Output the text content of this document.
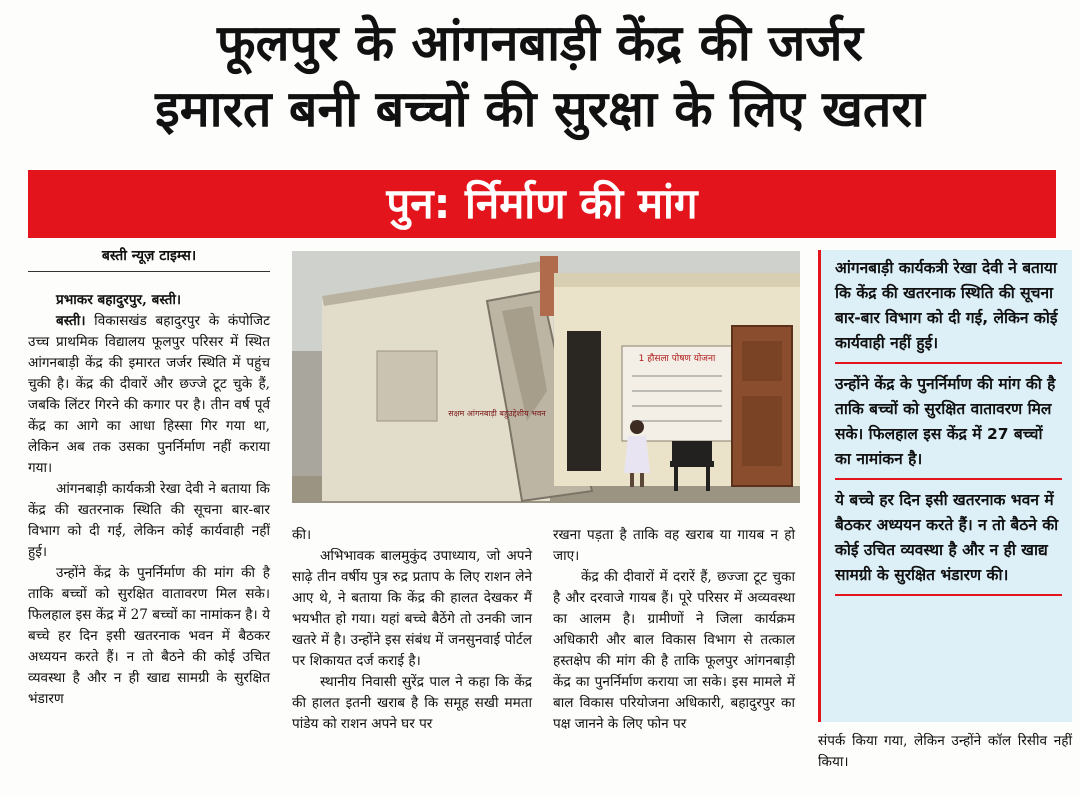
फूलपुर के आंगनबाड़ी केंद्र की जर्जर
इमारत बनी बच्चों की सुरक्षा के लिए खतरा
पुन: र्निर्माण की मांग
बस्ती न्यूज़ टाइम्स।

प्रभाकर बहादुरपुर, बस्ती।

बस्ती। विकासखंड बहादुरपुर के कंपोजिट उच्च प्राथमिक विद्यालय फूलपुर परिसर में स्थित आंगनबाड़ी केंद्र की इमारत जर्जर स्थिति में पहुंच चुकी है। केंद्र की दीवारें और छज्जे टूट चुके हैं, जबकि लिंटर गिरने की कगार पर है। तीन वर्ष पूर्व केंद्र का आगे का आधा हिस्सा गिर गया था, लेकिन अब तक उसका पुनर्निर्माण नहीं कराया गया।

आंगनबाड़ी कार्यकत्री रेखा देवी ने बताया कि केंद्र की खतरनाक स्थिति की सूचना बार-बार विभाग को दी गई, लेकिन कोई कार्यवाही नहीं हुई।

उन्होंने केंद्र के पुनर्निर्माण की मांग की है ताकि बच्चों को सुरक्षित वातावरण मिल सके। फिलहाल इस केंद्र में 27 बच्चों का नामांकन है। ये बच्चे हर दिन इसी खतरनाक भवन में बैठकर अध्ययन करते हैं। न तो बैठने की कोई उचित व्यवस्था है और न ही खाद्य सामग्री के सुरक्षित भंडारण

1 हौसला पोषण योजना
सक्षम आंगनबाड़ी बहुउद्देशीय भवन

की।

अभिभावक बालमुकुंद उपाध्याय, जो अपने साढ़े तीन वर्षीय पुत्र रुद्र प्रताप के लिए राशन लेने आए थे, ने बताया कि केंद्र की हालत देखकर मैं भयभीत हो गया। यहां बच्चे बैठेंगे तो उनकी जान खतरे में है। उन्होंने इस संबंध में जनसुनवाई पोर्टल पर शिकायत दर्ज कराई है।

स्थानीय निवासी सुरेंद्र पाल ने कहा कि केंद्र की हालत इतनी खराब है कि समूह सखी ममता पांडेय को राशन अपने घर पर

रखना पड़ता है ताकि वह खराब या गायब न हो जाए।

केंद्र की दीवारों में दरारें हैं, छज्जा टूट चुका है और दरवाजे गायब हैं। पूरे परिसर में अव्यवस्था का आलम है। ग्रामीणों ने जिला कार्यक्रम अधिकारी और बाल विकास विभाग से तत्काल हस्तक्षेप की मांग की है ताकि फूलपुर आंगनबाड़ी केंद्र का पुनर्निर्माण कराया जा सके। इस मामले में बाल विकास परियोजना अधिकारी, बहादुरपुर का पक्ष जानने के लिए फोन पर

आंगनबाड़ी कार्यकत्री रेखा देवी ने बताया कि केंद्र की खतरनाक स्थिति की सूचना बार-बार विभाग को दी गई, लेकिन कोई कार्यवाही नहीं हुई।
उन्होंने केंद्र के पुनर्निर्माण की मांग की है ताकि बच्चों को सुरक्षित वातावरण मिल सके। फिलहाल इस केंद्र में 27 बच्चों का नामांकन है।
ये बच्चे हर दिन इसी खतरनाक भवन में बैठकर अध्ययन करते हैं। न तो बैठने की कोई उचित व्यवस्था है और न ही खाद्य सामग्री के सुरक्षित भंडारण की।

संपर्क किया गया, लेकिन उन्होंने कॉल रिसीव नहीं किया।
